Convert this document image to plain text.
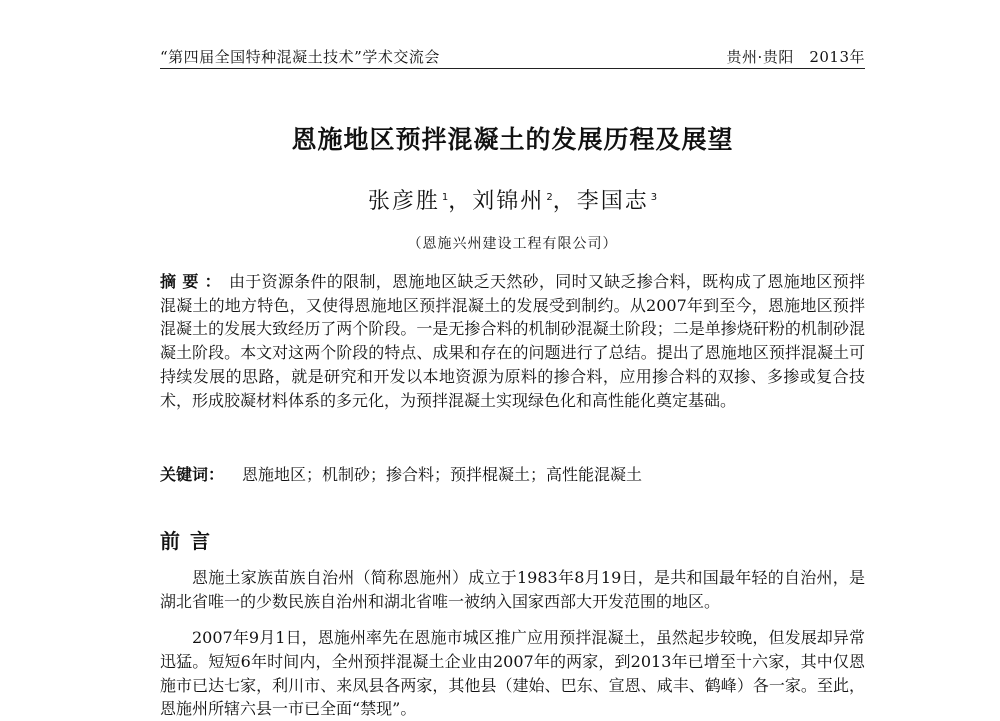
“第四届全国特种混凝土技术”学术交流会	贵州·贵阳　2013年
恩施地区预拌混凝土的发展历程及展望
张彦胜 $^1$，刘锦州 $^2$，李国志 $^3$
（恩施兴州建设工程有限公司）
摘要： 由于资源条件的限制，恩施地区缺乏天然砂，同时又缺乏掺合料，既构成了恩施地区预拌混凝土的地方特色，又使得恩施地区预拌混凝土的发展受到制约。从2007年到至今，恩施地区预拌混凝土的发展大致经历了两个阶段。一是无掺合料的机制砂混凝土阶段；二是单掺烧矸粉的机制砂混凝土阶段。本文对这两个阶段的特点、成果和存在的问题进行了总结。提出了恩施地区预拌混凝土可持续发展的思路，就是研究和开发以本地资源为原料的掺合料，应用掺合料的双掺、多掺或复合技术，形成胶凝材料体系的多元化，为预拌混凝土实现绿色化和高性能化奠定基础。
关键词： 恩施地区；机制砂；掺合料；预拌棍凝土；高性能混凝土
前言
恩施土家族苗族自治州（简称恩施州）成立于1983年8月19日，是共和国最年轻的自治州，是湖北省唯一的少数民族自治州和湖北省唯一被纳入国家西部大开发范围的地区。
2007年9月1日，恩施州率先在恩施市城区推广应用预拌混凝土，虽然起步较晚，但发展却异常迅猛。短短6年时间内，全州预拌混凝土企业由2007年的两家，到2013年已增至十六家，其中仅恩施市已达七家，利川市、来凤县各两家，其他县（建始、巴东、宣恩、咸丰、鹤峰）各一家。至此，恩施州所辖六县一市已全面“禁现”。
